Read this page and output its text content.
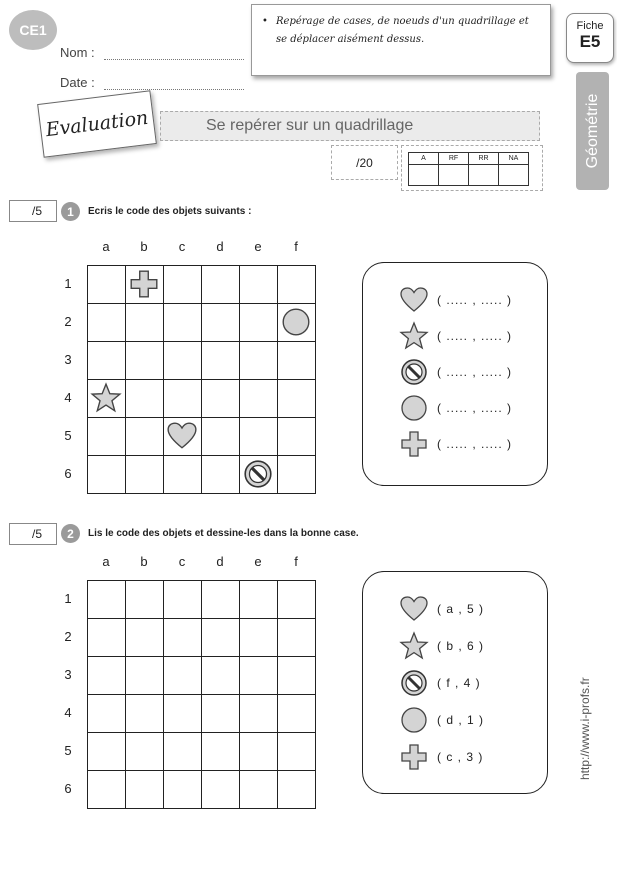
CE1
Nom :
Date :
• Repérage de cases, de noeuds d'un quadrillage et se déplacer aisément dessus.
Fiche
E5
Géométrie
Evaluation	Se repérer sur un quadrillage
/20	A	RF	RR	NA

/5	1	Ecris le code des objets suivants :
a	b	c	d	e	f
1
2
3
4
5
6

( ..... , ..... )
( ..... , ..... )
( ..... , ..... )
( ..... , ..... )
( ..... , ..... )
/5	2	Lis le code des objets et dessine-les dans la bonne case.
a	b	c	d	e	f
1
2
3
4
5
6

( a , 5 )
( b , 6 )
( f , 4 )
( d , 1 )
( c , 3 )	http://www.i-profs.fr
